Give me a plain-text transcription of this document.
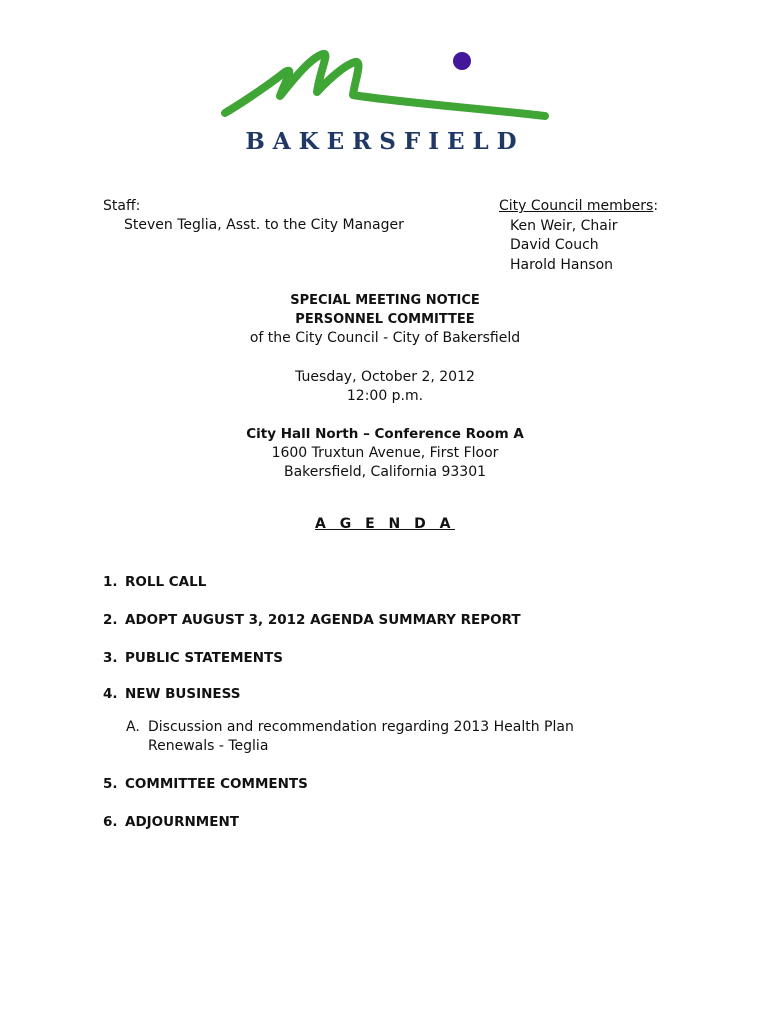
BAKERSFIELD
Staff:
Steven Teglia, Asst. to the City Manager
City Council members:
Ken Weir, Chair
David Couch
Harold Hanson
SPECIAL MEETING NOTICE
PERSONNEL COMMITTEE
of the City Council - City of Bakersfield
Tuesday, October 2, 2012
12:00 p.m.
City Hall North – Conference Room A
1600 Truxtun Avenue, First Floor
Bakersfield, California 93301
A G E N D A
1. ROLL CALL
2. ADOPT AUGUST 3, 2012 AGENDA SUMMARY REPORT
3. PUBLIC STATEMENTS
4. NEW BUSINESS
A. Discussion and recommendation regarding 2013 Health Plan
Renewals - Teglia
5. COMMITTEE COMMENTS
6. ADJOURNMENT
